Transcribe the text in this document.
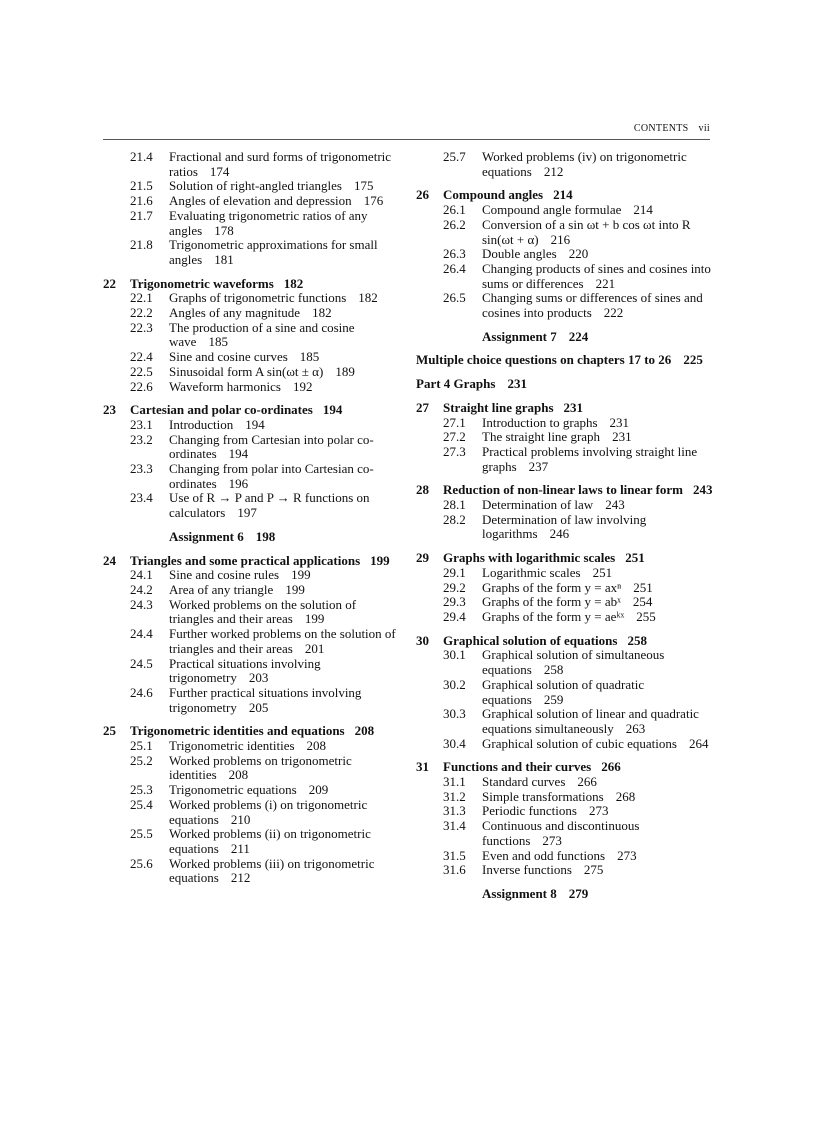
CONTENTS vii
21.4	Fractional and surd forms of trigonometric ratios 174
21.5	Solution of right-angled triangles 175
21.6	Angles of elevation and depression 176
21.7	Evaluating trigonometric ratios of any angles 178
21.8	Trigonometric approximations for small angles 181
22	Trigonometric waveforms 182
22.1	Graphs of trigonometric functions 182
22.2	Angles of any magnitude 182
22.3	The production of a sine and cosine wave 185
22.4	Sine and cosine curves 185
22.5	Sinusoidal form A sin(ωt ± α) 189
22.6	Waveform harmonics 192
23	Cartesian and polar co-ordinates 194
23.1	Introduction 194
23.2	Changing from Cartesian into polar co-ordinates 194
23.3	Changing from polar into Cartesian co-ordinates 196
23.4	Use of R → P and P → R functions on calculators 197
Assignment 6 198
24	Triangles and some practical applications 199
24.1	Sine and cosine rules 199
24.2	Area of any triangle 199
24.3	Worked problems on the solution of triangles and their areas 199
24.4	Further worked problems on the solution of triangles and their areas 201
24.5	Practical situations involving trigonometry 203
24.6	Further practical situations involving trigonometry 205
25	Trigonometric identities and equations 208
25.1	Trigonometric identities 208
25.2	Worked problems on trigonometric identities 208
25.3	Trigonometric equations 209
25.4	Worked problems (i) on trigonometric equations 210
25.5	Worked problems (ii) on trigonometric equations 211
25.6	Worked problems (iii) on trigonometric equations 212
25.7	Worked problems (iv) on trigonometric equations 212
26	Compound angles 214
26.1	Compound angle formulae 214
26.2	Conversion of a sin ωt + b cos ωt into R sin(ωt + α) 216
26.3	Double angles 220
26.4	Changing products of sines and cosines into sums or differences 221
26.5	Changing sums or differences of sines and cosines into products 222
Assignment 7 224
Multiple choice questions on chapters 17 to 26 225
Part 4 Graphs 231
27	Straight line graphs 231
27.1	Introduction to graphs 231
27.2	The straight line graph 231
27.3	Practical problems involving straight line graphs 237
28	Reduction of non-linear laws to linear form 243
28.1	Determination of law 243
28.2	Determination of law involving logarithms 246
29	Graphs with logarithmic scales 251
29.1	Logarithmic scales 251
29.2	Graphs of the form y = axⁿ 251
29.3	Graphs of the form y = abˣ 254
29.4	Graphs of the form y = aeᵏˣ 255
30	Graphical solution of equations 258
30.1	Graphical solution of simultaneous equations 258
30.2	Graphical solution of quadratic equations 259
30.3	Graphical solution of linear and quadratic equations simultaneously 263
30.4	Graphical solution of cubic equations 264
31	Functions and their curves 266
31.1	Standard curves 266
31.2	Simple transformations 268
31.3	Periodic functions 273
31.4	Continuous and discontinuous functions 273
31.5	Even and odd functions 273
31.6	Inverse functions 275
Assignment 8 279
